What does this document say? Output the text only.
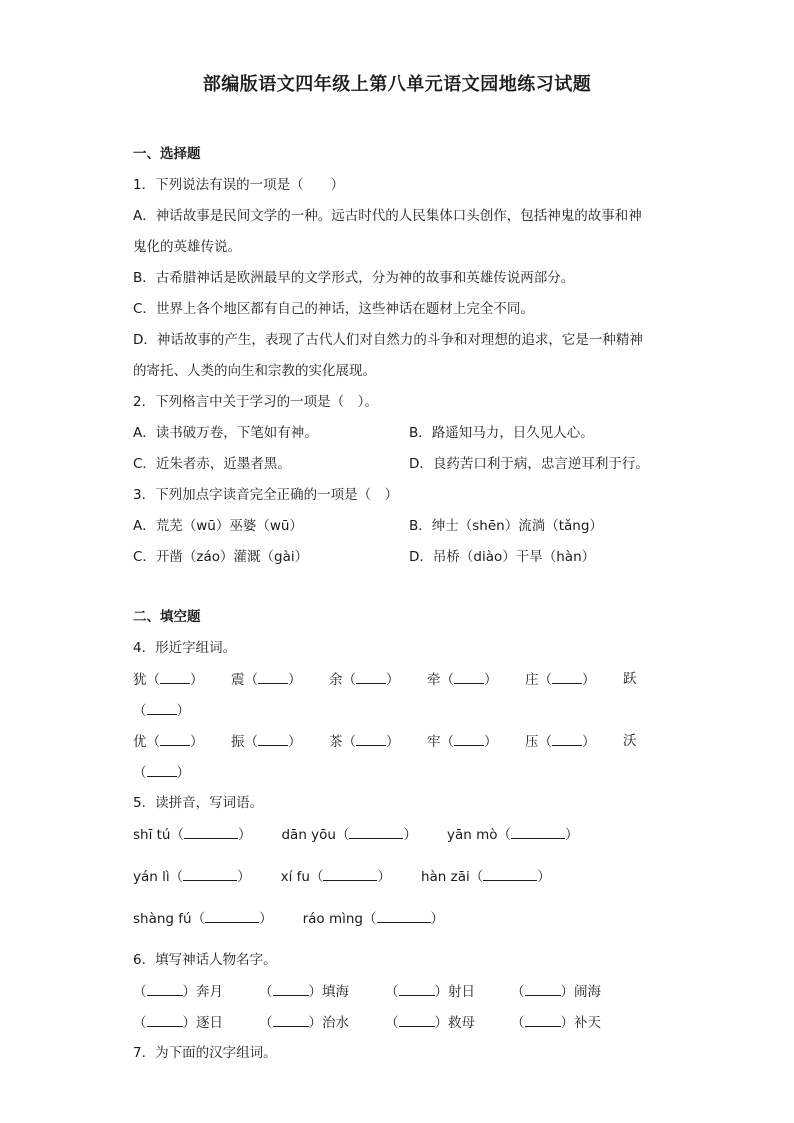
部编版语文四年级上第八单元语文园地练习试题
一、选择题
1．下列说法有误的一项是（　　）
A．神话故事是民间文学的一种。远古时代的人民集体口头创作，包括神鬼的故事和神
鬼化的英雄传说。
B．古希腊神话是欧洲最早的文学形式，分为神的故事和英雄传说两部分。
C．世界上各个地区都有自己的神话，这些神话在题材上完全不同。
D．神话故事的产生，表现了古代人们对自然力的斗争和对理想的追求，它是一种精神
的寄托、人类的向生和宗教的实化展现。
2．下列格言中关于学习的一项是（　）。
A．读书破万卷，下笔如有神。	B．路遥知马力，日久见人心。
C．近朱者赤，近墨者黑。	D．良药苦口利于病，忠言逆耳利于行。
3．下列加点字读音完全正确的一项是（　）
A．荒芜（wū）巫婆（wū）	B．绅士（shēn）流淌（tǎng）
C．开凿（záo）灌溉（gài）	D．吊桥（diào）干旱（hàn）
二、填空题
4．形近字组词。
犹（ ）	震（ ）	余（ ）	牵（ ）	庄（ ）	跃
（ ）
优（ ）	振（ ）	茶（ ）	牢（ ）	压（ ）	沃
（ ）
5．读拼音，写词语。
shī tú（	） dān yōu（	） yān mò（	）
yán lì（	） xí fu（	） hàn zāi（	）
shàng fú（	） ráo mìng（	）
6．填写神话人物名字。
（	）奔月	（	）填海	（	）射日	（	）闹海
（	）逐日	（	）治水	（	）救母	（	）补天
7．为下面的汉字组词。
